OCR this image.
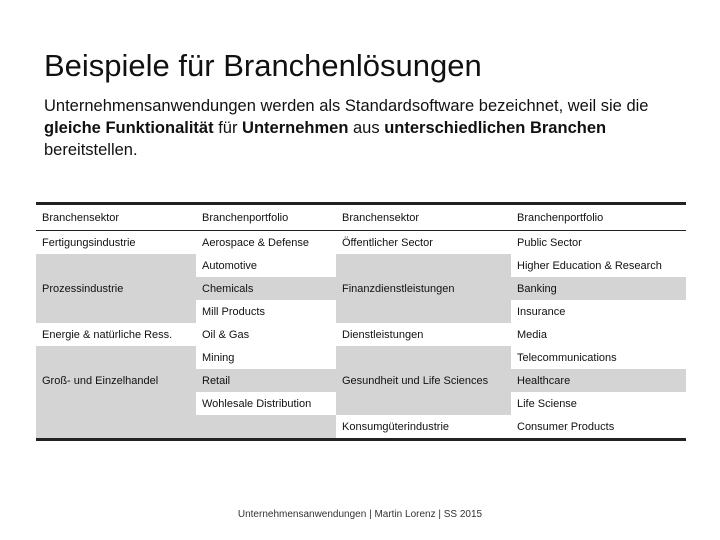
Beispiele für Branchenlösungen

Unternehmensanwendungen werden als Standardsoftware bezeichnet, weil sie die gleiche Funktionalität für Unternehmen aus unterschiedlichen Branchen bereitstellen.

Branchensektor	Branchenportfolio	Branchensektor	Branchenportfolio
Fertigungsindustrie	Aerospace & Defense	Öffentlicher Sector	Public Sector
	Automotive		Higher Education & Research
Prozessindustrie	Chemicals	Finanzdienstleistungen	Banking
	Mill Products		Insurance
Energie & natürliche Ress.	Oil & Gas	Dienstleistungen	Media
	Mining		Telecommunications
Groß- und Einzelhandel	Retail	Gesundheit und Life Sciences	Healthcare
	Wohlesale Distribution		Life Sciense
		Konsumgüterindustrie	Consumer Products
Unternehmensanwendungen | Martin Lorenz | SS 2015
